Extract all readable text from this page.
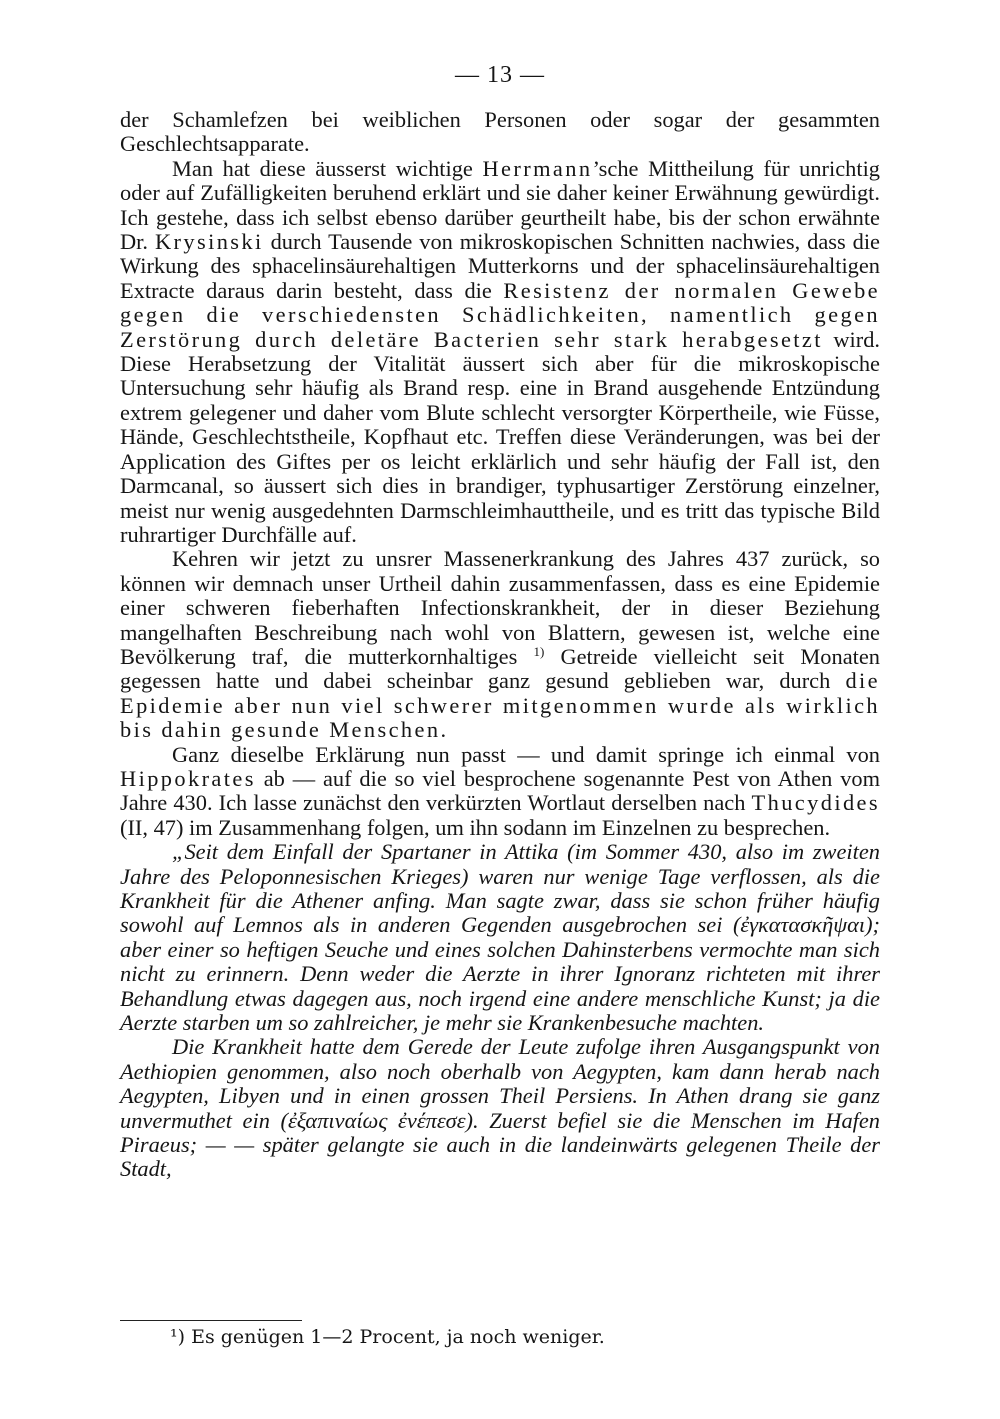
— 13 —

der Schamlefzen bei weiblichen Personen oder sogar der gesammten Geschlechtsapparate.

Man hat diese äusserst wichtige Herrmann’sche Mittheilung für unrichtig oder auf Zufälligkeiten beruhend erklärt und sie daher keiner Erwähnung gewürdigt. Ich gestehe, dass ich selbst ebenso darüber geurtheilt habe, bis der schon erwähnte Dr. Krysinski durch Tausende von mikroskopischen Schnitten nachwies, dass die Wirkung des sphacelinsäurehaltigen Mutterkorns und der sphacelinsäurehaltigen Extracte daraus darin besteht, dass die Resistenz der normalen Gewebe gegen die verschiedensten Schädlichkeiten, namentlich gegen Zerstörung durch deletäre Bacterien sehr stark herabgesetzt wird. Diese Herabsetzung der Vitalität äussert sich aber für die mikroskopische Untersuchung sehr häufig als Brand resp. eine in Brand ausgehende Entzündung extrem gelegener und daher vom Blute schlecht versorgter Körpertheile, wie Füsse, Hände, Geschlechtstheile, Kopfhaut etc. Treffen diese Veränderungen, was bei der Application des Giftes per os leicht erklärlich und sehr häufig der Fall ist, den Darmcanal, so äussert sich dies in brandiger, typhusartiger Zerstörung einzelner, meist nur wenig ausgedehnten Darmschleimhauttheile, und es tritt das typische Bild ruhrartiger Durchfälle auf.

Kehren wir jetzt zu unsrer Massenerkrankung des Jahres 437 zurück, so können wir demnach unser Urtheil dahin zusammenfassen, dass es eine Epidemie einer schweren fieberhaften Infectionskrankheit, der in dieser Beziehung mangelhaften Beschreibung nach wohl von Blattern, gewesen ist, welche eine Bevölkerung traf, die mutterkornhaltiges $^{1)}$ Getreide vielleicht seit Monaten gegessen hatte und dabei scheinbar ganz gesund geblieben war, durch die Epidemie aber nun viel schwerer mitgenommen wurde als wirklich bis dahin gesunde Menschen.

Ganz dieselbe Erklärung nun passt — und damit springe ich einmal von Hippokrates ab — auf die so viel besprochene sogenannte Pest von Athen vom Jahre 430. Ich lasse zunächst den verkürzten Wortlaut derselben nach Thucydides (II, 47) im Zusammenhang folgen, um ihn sodann im Einzelnen zu besprechen.

„Seit dem Einfall der Spartaner in Attika (im Sommer 430, also im zweiten Jahre des Peloponnesischen Krieges) waren nur wenige Tage verflossen, als die Krankheit für die Athener anfing. Man sagte zwar, dass sie schon früher häufig sowohl auf Lemnos als in anderen Gegenden ausgebrochen sei (ἐγκατασκῆψαι); aber einer so heftigen Seuche und eines solchen Dahinsterbens vermochte man sich nicht zu erinnern. Denn weder die Aerzte in ihrer Ignoranz richteten mit ihrer Behandlung etwas dagegen aus, noch irgend eine andere menschliche Kunst; ja die Aerzte starben um so zahlreicher, je mehr sie Krankenbesuche machten.

Die Krankheit hatte dem Gerede der Leute zufolge ihren Ausgangspunkt von Aethiopien genommen, also noch oberhalb von Aegypten, kam dann herab nach Aegypten, Libyen und in einen grossen Theil Persiens. In Athen drang sie ganz unvermuthet ein (ἐξαπιναίως ἐνέπεσε). Zuerst befiel sie die Menschen im Hafen Piraeus; — — später gelangte sie auch in die landeinwärts gelegenen Theile der Stadt,

¹) Es genügen 1—2 Procent, ja noch weniger.
